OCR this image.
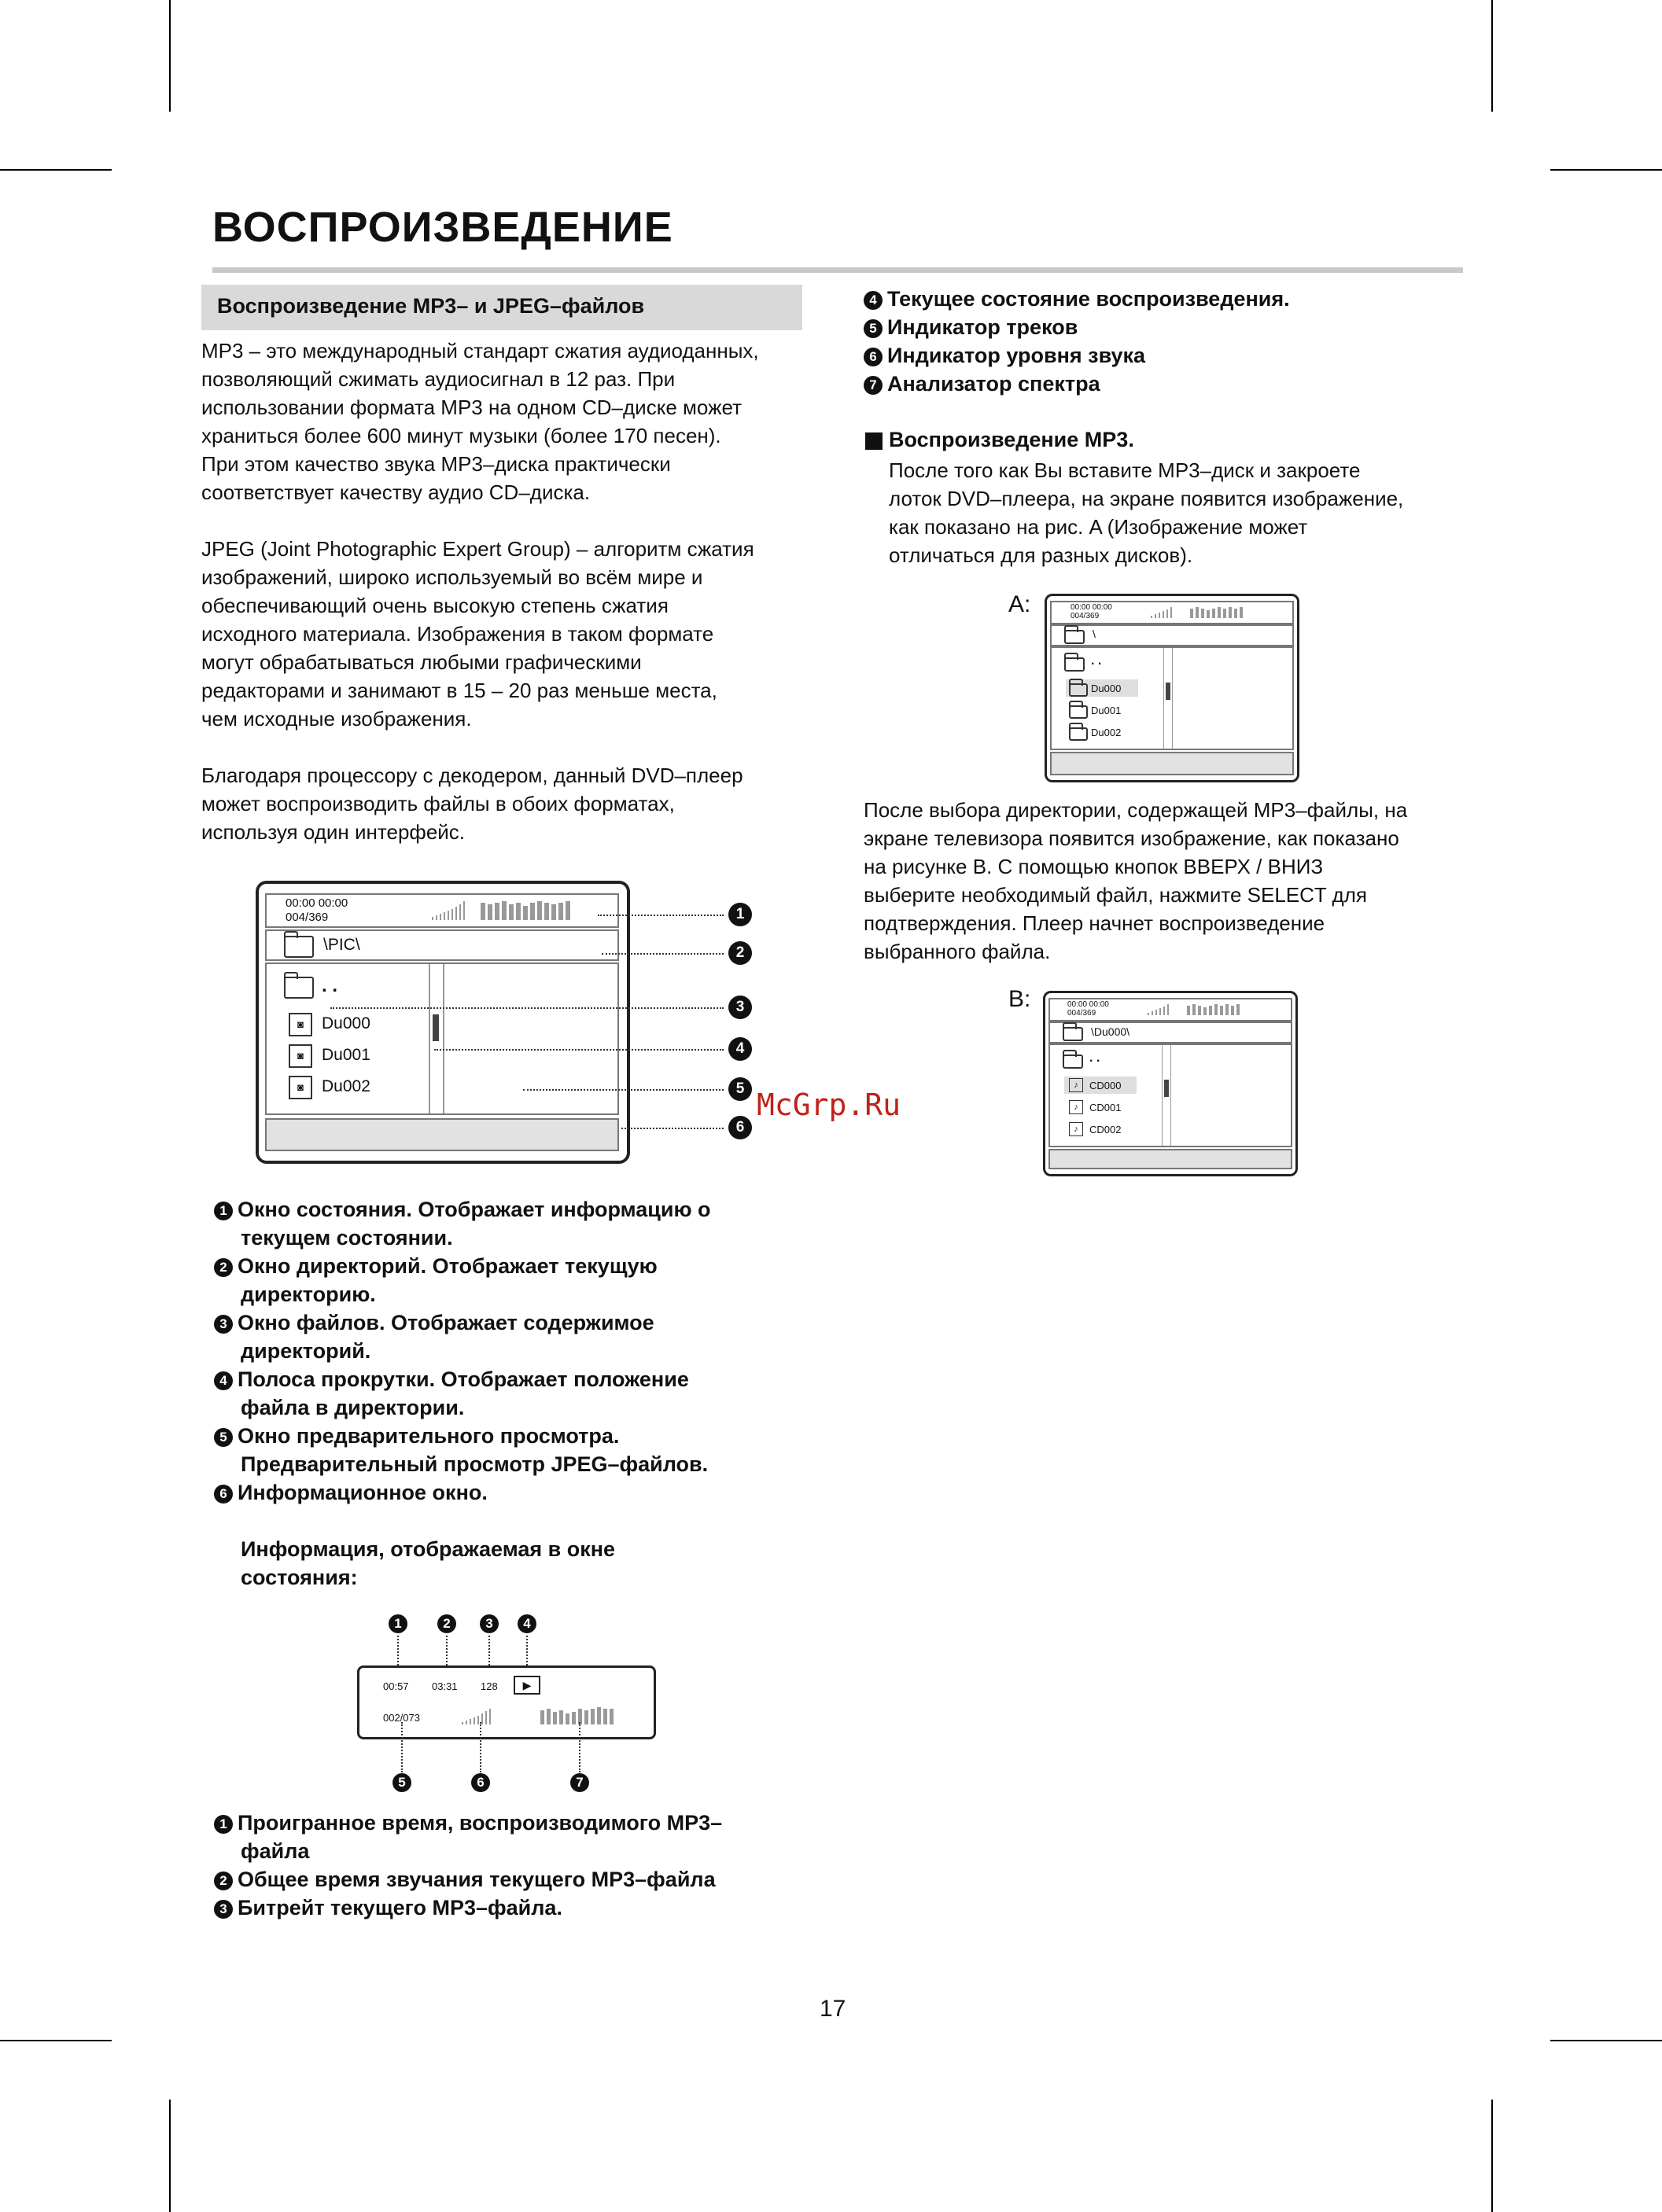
ВОСПРОИЗВЕДЕНИЕ
Воспроизведение MP3– и JPEG–файлов
MP3 – это международный стандарт сжатия аудиоданных,
позволяющий сжимать аудиосигнал в 12 раз. При
использовании формата MP3 на одном CD–диске может
храниться более 600 минут музыки (более 170 песен).
При этом качество звука MP3–диска практически
соответствует качеству аудио CD–диска.
JPEG (Joint Photographic Expert Group) – алгоритм сжатия
изображений, широко используемый во всём мире и
обеспечивающий очень высокую степень сжатия
исходного материала. Изображения в таком формате
могут обрабатываться любыми графическими
редакторами и занимают в 15 – 20 раз меньше места,
чем исходные изображения.
Благодаря процессору с декодером, данный DVD–плеер
может воспроизводить файлы в обоих форматах,
используя один интерфейс.
00:00 00:00
004/369
\PIC\
. .
◙	Du000
◙	Du001
◙	Du002
1
2
3
4
5
6
McGrp.Ru
1 Окно состояния. Отображает информацию о
текущем состоянии.
2 Окно директорий. Отображает текущую
директорию.
3 Окно файлов. Отображает содержимое
директорий.
4 Полоса прокрутки. Отображает положение
файла в директории.
5 Окно предварительного просмотра.
Предварительный просмотр JPEG–файлов.
6 Информационное окно.
Информация, отображаемая в окне
состояния:
1	2	3	4
00:57 03:31 128	▶
002/073
5	6	7
1 Проигранное время, воспроизводимого MP3–
файла
2 Общее время звучания текущего MP3–файла
3 Битрейт текущего MP3–файла.
4 Текущее состояние воспроизведения.
5 Индикатор треков
6 Индикатор уровня звука
7 Анализатор спектра
Воспроизведение MP3.
После того как Вы вставите MP3–диск и закроете
лоток DVD–плеера, на экране появится изображение,
как показано на рис. A (Изображение может
отличаться для разных дисков).
A:	00:00 00:00
004/369
\
. .
Du000
Du001
Du002
После выбора директории, содержащей MP3–файлы, на
экране телевизора появится изображение, как показано
на рисунке B. С помощью кнопок ВВЕРХ / ВНИЗ
выберите необходимый файл, нажмите SELECT для
подтверждения. Плеер начнет воспроизведение
выбранного файла.
B:	00:00 00:00
004/369
\Du000\
. .
♪	CD000
♪	CD001
♪	CD002
17
